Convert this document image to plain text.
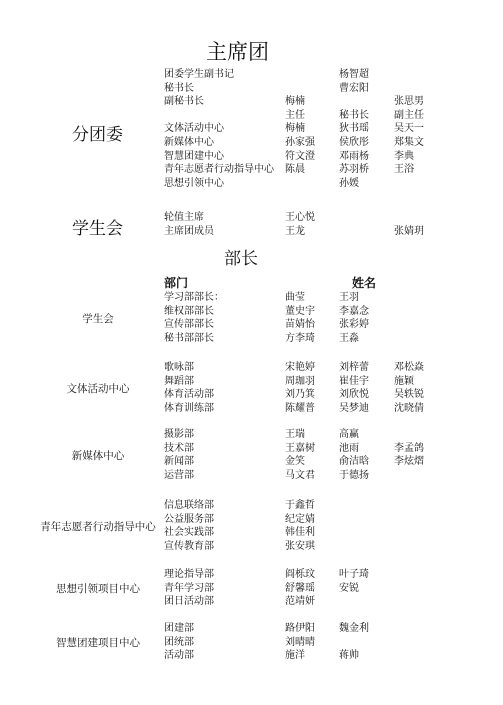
主席团
分团委
团委学生副书记	杨智超
秘书长	曹宏阳
副秘书长	梅楠	张思男
主任	秘书长	副主任
文体活动中心	梅楠	狄书瑶	吴天一
新媒体中心	孙家强 侯欣彤	郑集文
智慧团建中心	符文澄 邓雨杨	李典
青年志愿者行动指导中心 陈晨	苏羽桥	王浴
思想引领中心	孙媛
学生会
轮值主席	王心悦
主席团成员	王龙	张婧玥
部长
部门	姓名
学生会
学习部部长：	曲莹	王羽
维权部部长	董史宇 李嘉念
宣传部部长	苗婧怡 张彩婷
秘书部部长	方李琦 王淼
文体活动中心
歌咏部	宋艳婷 刘梓蕾	邓松焱
舞蹈部	周珈羽 崔佳宇	施颖
体育活动部	刘乃箕 刘欣悦	吴轶锐
体育训练部	陈耀普 吴梦迪	沈晓倩
新媒体中心
摄影部	王瑞	高赢
技术部	王嘉树 池雨	李孟鸽
新闻部	金笑	俞洁晗	李炫熠
运营部	马文君 于德扬
青年志愿者行动指导中心
信息联络部	于鑫哲
公益服务部	纪定婧
社会实践部	韩佳利
宣传教育部	张安琪
思想引领项目中心
理论指导部	阎栎玟 叶子琦
青年学习部	舒馨瑶 安锐
团日活动部	范靖妍
智慧团建项目中心
团建部	路伊阳 魏金利
团统部	刘晴晴
活动部	施洋	蒋帅
